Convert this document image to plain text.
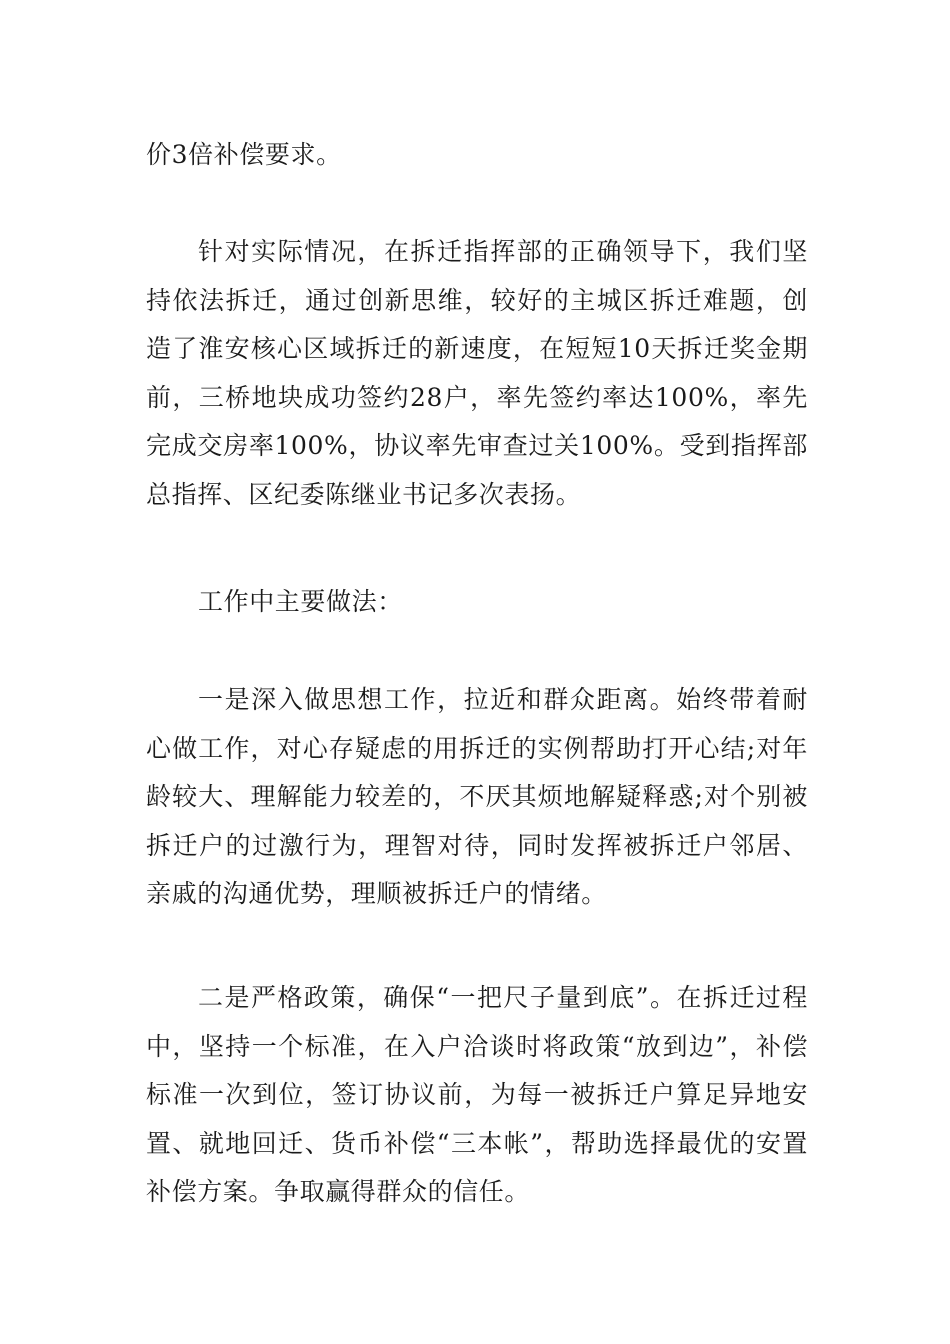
价3倍补偿要求。

针对实际情况，在拆迁指挥部的正确领导下，我们坚持依法拆迁，通过创新思维，较好的主城区拆迁难题，创造了淮安核心区域拆迁的新速度，在短短10天拆迁奖金期前，三桥地块成功签约28户，率先签约率达100%，率先完成交房率100%，协议率先审查过关100%。受到指挥部总指挥、区纪委陈继业书记多次表扬。

工作中主要做法：

一是深入做思想工作，拉近和群众距离。始终带着耐心做工作，对心存疑虑的用拆迁的实例帮助打开心结;对年龄较大、理解能力较差的，不厌其烦地解疑释惑;对个别被拆迁户的过激行为，理智对待，同时发挥被拆迁户邻居、亲戚的沟通优势，理顺被拆迁户的情绪。

二是严格政策，确保“一把尺子量到底”。在拆迁过程中，坚持一个标准，在入户洽谈时将政策“放到边”，补偿标准一次到位，签订协议前，为每一被拆迁户算足异地安置、就地回迁、货币补偿“三本帐”，帮助选择最优的安置补偿方案。争取赢得群众的信任。
